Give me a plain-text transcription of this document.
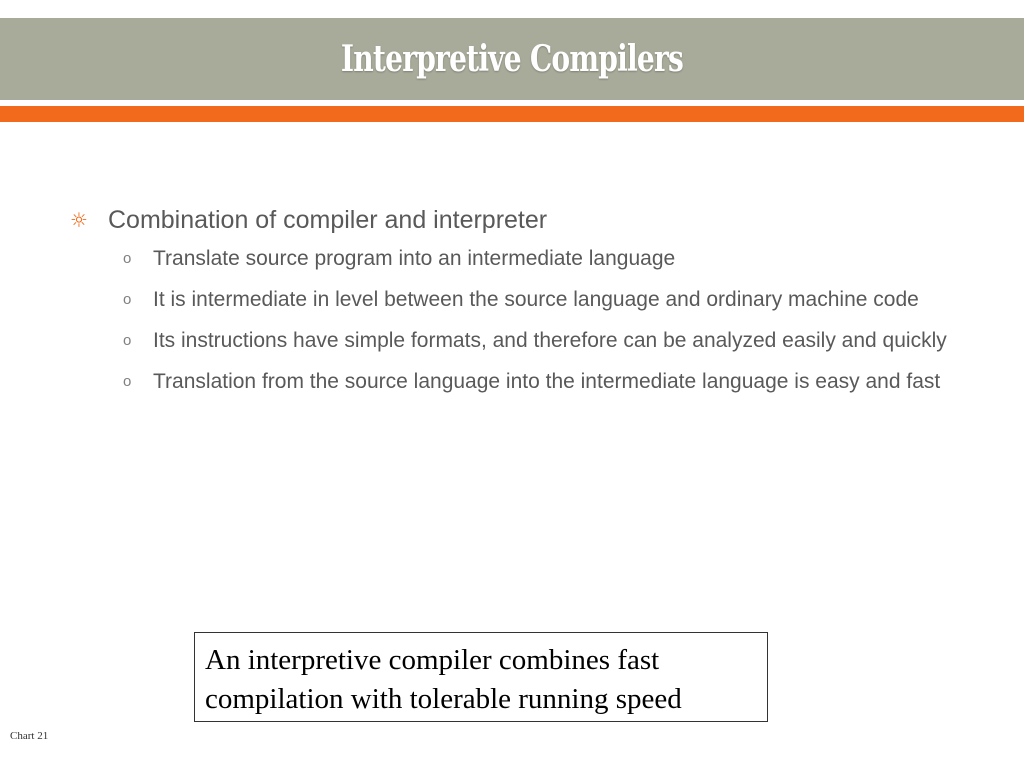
Interpretive Compilers
☼ Combination of compiler and interpreter
o Translate source program into an intermediate language
o It is intermediate in level between the source language and ordinary machine code
o Its instructions have simple formats, and therefore can be analyzed easily and quickly
o Translation from the source language into the intermediate language is easy and fast
An interpretive compiler combines fast compilation with tolerable running speed
Chart 21
